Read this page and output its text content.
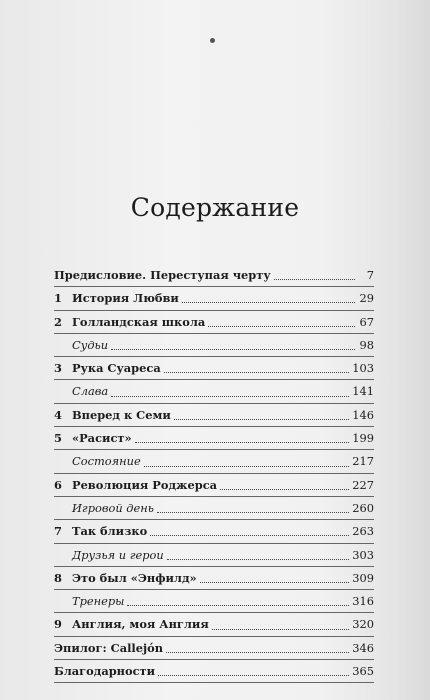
Содержание
Предисловие. Переступая черту	7
1 История Любви	29
2 Голландская школа	67
Судьи	98
3 Рука Суареса	103
Слава	141
4 Вперед к Семи	146
5 «Расист»	199
Состояние	217
6 Революция Роджерса	227
Игровой день	260
7 Так близко	263
Друзья и герои	303
8 Это был «Энфилд»	309
Тренеры	316
9 Англия, моя Англия	320
Эпилог: Callejón	346
Благодарности	365
